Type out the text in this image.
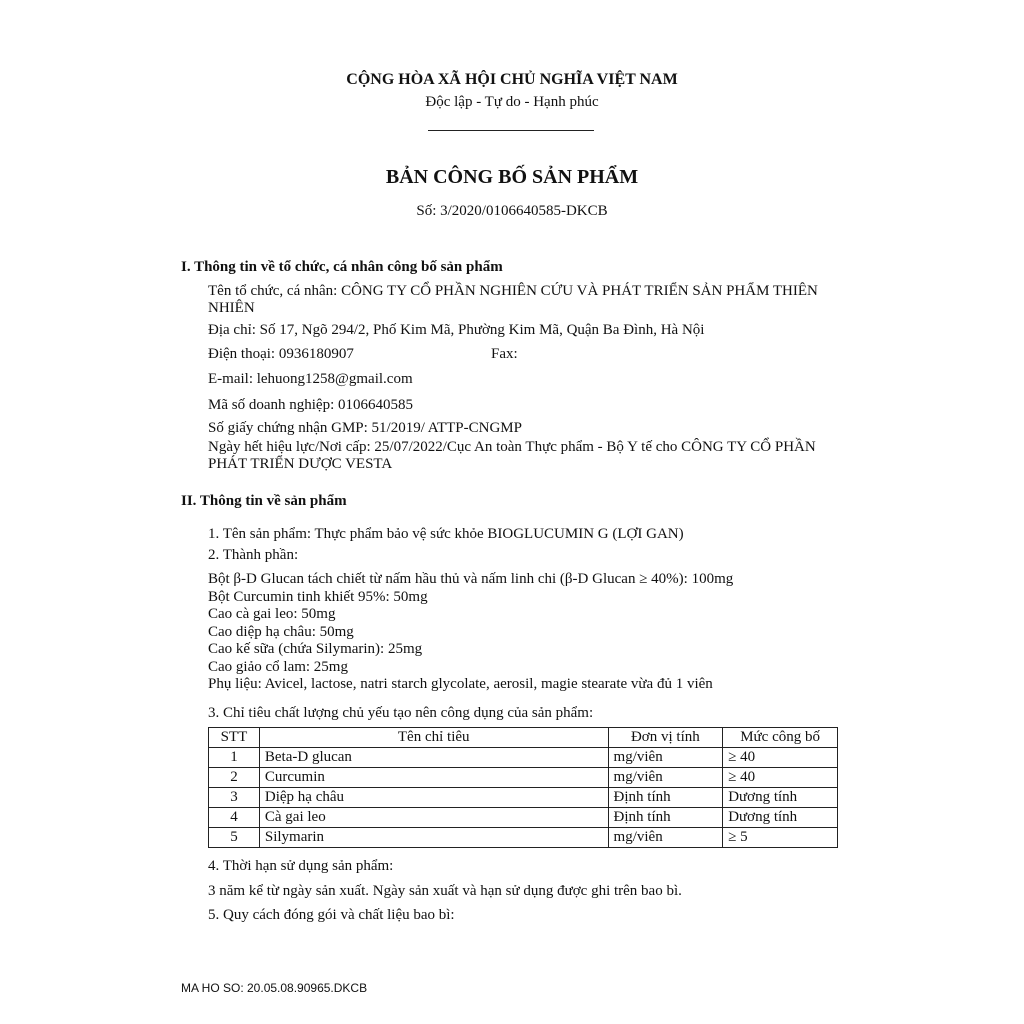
CỘNG HÒA XÃ HỘI CHỦ NGHĨA VIỆT NAM
Độc lập - Tự do - Hạnh phúc
BẢN CÔNG BỐ SẢN PHẨM
Số: 3/2020/0106640585-DKCB
I. Thông tin về tổ chức, cá nhân công bố sản phẩm
Tên tổ chức, cá nhân: CÔNG TY CỔ PHẦN NGHIÊN CỨU VÀ PHÁT TRIỂN SẢN PHẨM THIÊN NHIÊN
Địa chỉ: Số 17, Ngõ 294/2, Phố Kim Mã, Phường Kim Mã, Quận Ba Đình, Hà Nội
Điện thoại: 0936180907	Fax:
E-mail: lehuong1258@gmail.com
Mã số doanh nghiệp: 0106640585
Số giấy chứng nhận GMP: 51/2019/ ATTP-CNGMP
Ngày hết hiệu lực/Nơi cấp: 25/07/2022/Cục An toàn Thực phẩm - Bộ Y tế cho CÔNG TY CỔ PHẦN PHÁT TRIỂN DƯỢC VESTA
II. Thông tin về sản phẩm
1. Tên sản phẩm: Thực phẩm bảo vệ sức khỏe BIOGLUCUMIN G (LỢI GAN)
2. Thành phần:
Bột β-D Glucan tách chiết từ nấm hầu thủ và nấm linh chi (β-D Glucan ≥ 40%): 100mg
Bột Curcumin tinh khiết 95%: 50mg
Cao cà gai leo: 50mg
Cao diệp hạ châu: 50mg
Cao kế sữa (chứa Silymarin): 25mg
Cao giảo cổ lam: 25mg
Phụ liệu: Avicel, lactose, natri starch glycolate, aerosil, magie stearate vừa đủ 1 viên
3. Chỉ tiêu chất lượng chủ yếu tạo nên công dụng của sản phẩm:
STT	Tên chỉ tiêu	Đơn vị tính	Mức công bố
1	Beta-D glucan	mg/viên	≥ 40
2	Curcumin	mg/viên	≥ 40
3	Diệp hạ châu	Định tính	Dương tính
4	Cà gai leo	Định tính	Dương tính
5	Silymarin	mg/viên	≥ 5
4. Thời hạn sử dụng sản phẩm:
3 năm kể từ ngày sản xuất. Ngày sản xuất và hạn sử dụng được ghi trên bao bì.
5. Quy cách đóng gói và chất liệu bao bì:
MA HO SO: 20.05.08.90965.DKCB
